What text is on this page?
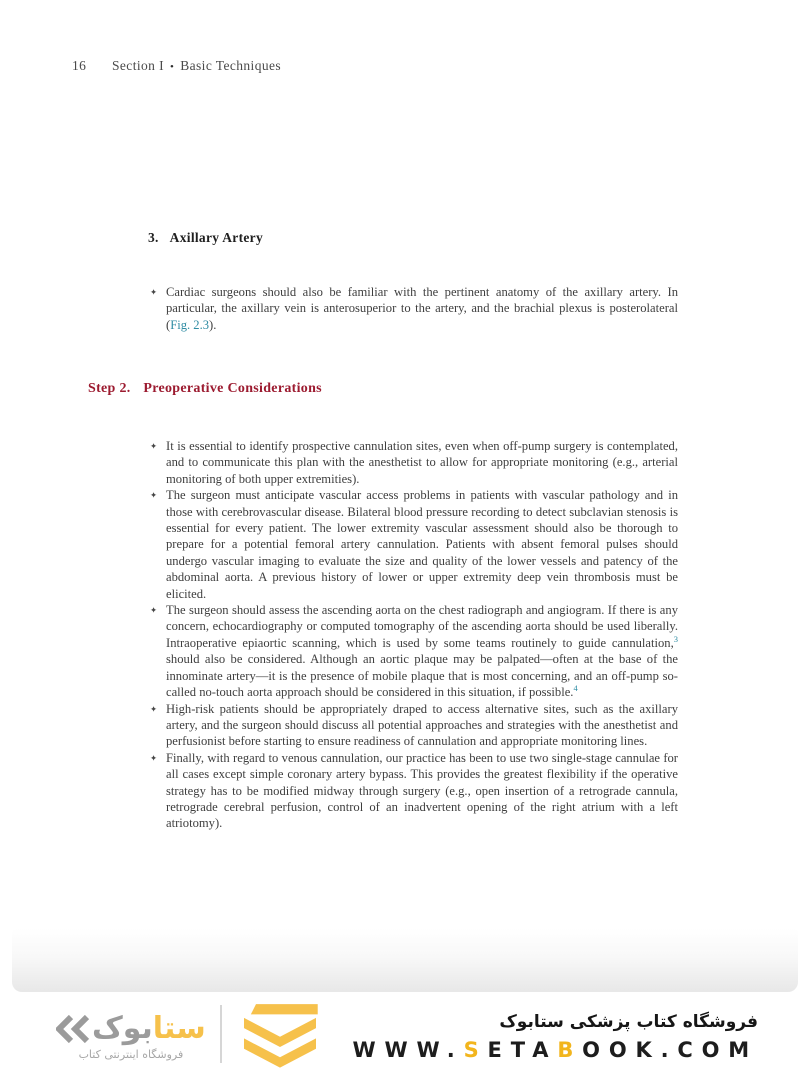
16	Section I • Basic Techniques
3. Axillary Artery
✦ Cardiac surgeons should also be familiar with the pertinent anatomy of the axillary artery. In particular, the axillary vein is anterosuperior to the artery, and the brachial plexus is posterolateral (Fig. 2.3).
Step 2. Preoperative Considerations
✦ It is essential to identify prospective cannulation sites, even when off-pump surgery is contemplated, and to communicate this plan with the anesthetist to allow for appropriate monitoring (e.g., arterial monitoring of both upper extremities).
✦ The surgeon must anticipate vascular access problems in patients with vascular pathology and in those with cerebrovascular disease. Bilateral blood pressure recording to detect subclavian stenosis is essential for every patient. The lower extremity vascular assessment should also be thorough to prepare for a potential femoral artery cannulation. Patients with absent femoral pulses should undergo vascular imaging to evaluate the size and quality of the lower vessels and patency of the abdominal aorta. A previous history of lower or upper extremity deep vein thrombosis must be elicited.
✦ The surgeon should assess the ascending aorta on the chest radiograph and angiogram. If there is any concern, echocardiography or computed tomography of the ascending aorta should be used liberally. Intraoperative epiaortic scanning, which is used by some teams routinely to guide cannulation,$^3$ should also be considered. Although an aortic plaque may be palpated—often at the base of the innominate artery—it is the presence of mobile plaque that is most concerning, and an off-pump so-called no-touch aorta approach should be considered in this situation, if possible.$^4$
✦ High-risk patients should be appropriately draped to access alternative sites, such as the axillary artery, and the surgeon should discuss all potential approaches and strategies with the anesthetist and perfusionist before starting to ensure readiness of cannulation and appropriate monitoring lines.
✦ Finally, with regard to venous cannulation, our practice has been to use two single-stage cannulae for all cases except simple coronary artery bypass. This provides the greatest flexibility if the operative strategy has to be modified midway through surgery (e.g., open insertion of a retrograde cannula, retrograde cerebral perfusion, control of an inadvertent opening of the right atrium with a left atriotomy).
بوک ستا
فروشگاه اینترنتی کتاب
فروشگاه کتاب پزشکی ستابوک
WWW.SETABOOK.COM
